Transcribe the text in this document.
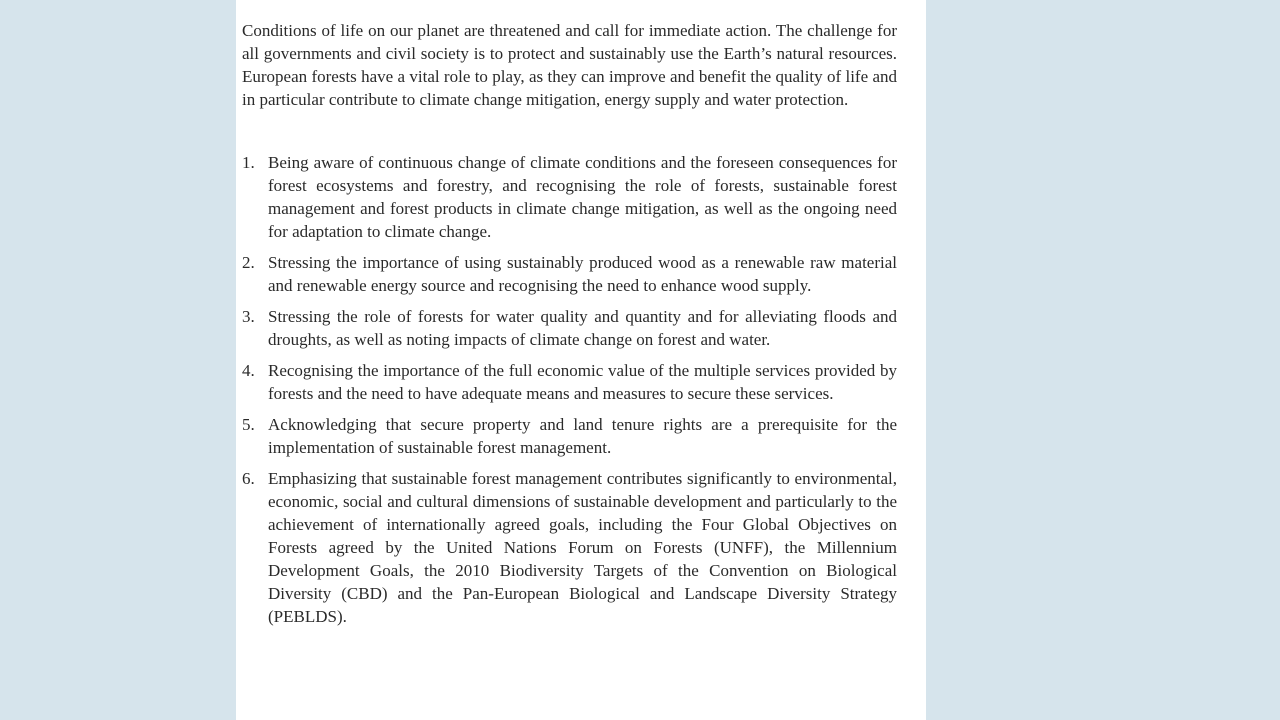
Conditions of life on our planet are threatened and call for immediate action. The challenge for all governments and civil society is to protect and sustainably use the Earth’s natural resources. European forests have a vital role to play, as they can improve and benefit the quality of life and in particular contribute to climate change mitigation, energy supply and water protection.

1. Being aware of continuous change of climate conditions and the foreseen consequences for forest ecosystems and forestry, and recognising the role of forests, sustainable forest management and forest products in climate change mitigation, as well as the ongoing need for adaptation to climate change.
2. Stressing the importance of using sustainably produced wood as a renewable raw material and renewable energy source and recognising the need to enhance wood supply.
3. Stressing the role of forests for water quality and quantity and for alleviating floods and droughts, as well as noting impacts of climate change on forest and water.
4. Recognising the importance of the full economic value of the multiple services provided by forests and the need to have adequate means and measures to secure these services.
5. Acknowledging that secure property and land tenure rights are a prerequisite for the implementation of sustainable forest management.
6. Emphasizing that sustainable forest management contributes significantly to environmental, economic, social and cultural dimensions of sustainable development and particularly to the achievement of internationally agreed goals, including the Four Global Objectives on Forests agreed by the United Nations Forum on Forests (UNFF), the Millennium Development Goals, the 2010 Biodiversity Targets of the Convention on Biological Diversity (CBD) and the Pan-European Biological and Landscape Diversity Strategy (PEBLDS).
